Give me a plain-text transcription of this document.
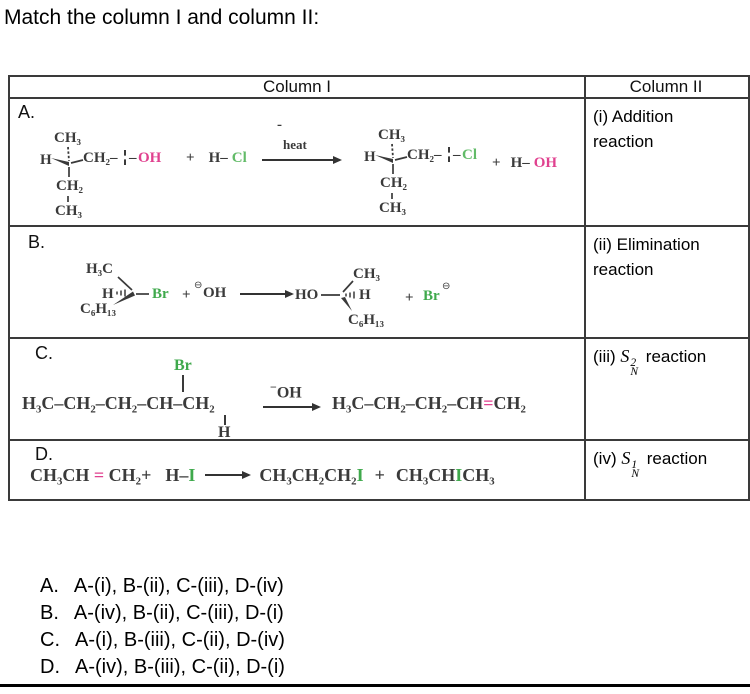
Match the column I and column II:
Column I	Column II
A.
CH₃
H CH₂– – OH
CH₂
CH₃
+ H– Cl
-
heat
CH₃
H CH₂– – Cl
CH₂
CH₃
+ H– OH
(i) Addition reaction
B.
H₃C
H
C₆H₁₃
Br +
⊖ OH → HO
CH₃
H
C₆H₁₃
+ Br
⊖
(ii) Elimination reaction
C.
Br
H₃C–CH₂–CH₂–CH–CH₂
H
−OH
→ H₃C–CH₂–CH₂–CH=CH₂
(iii) S 2
N
reaction
D.
CH₃CH = CH₂+ H–I → CH₃CH₂CH₂I + CH₃CHICH₃
(iv) S 1
N
reaction
A. A-(i), B-(ii), C-(iii), D-(iv)
B. A-(iv), B-(ii), C-(iii), D-(i)
C. A-(i), B-(iii), C-(ii), D-(iv)
D. A-(iv), B-(iii), C-(ii), D-(i)
